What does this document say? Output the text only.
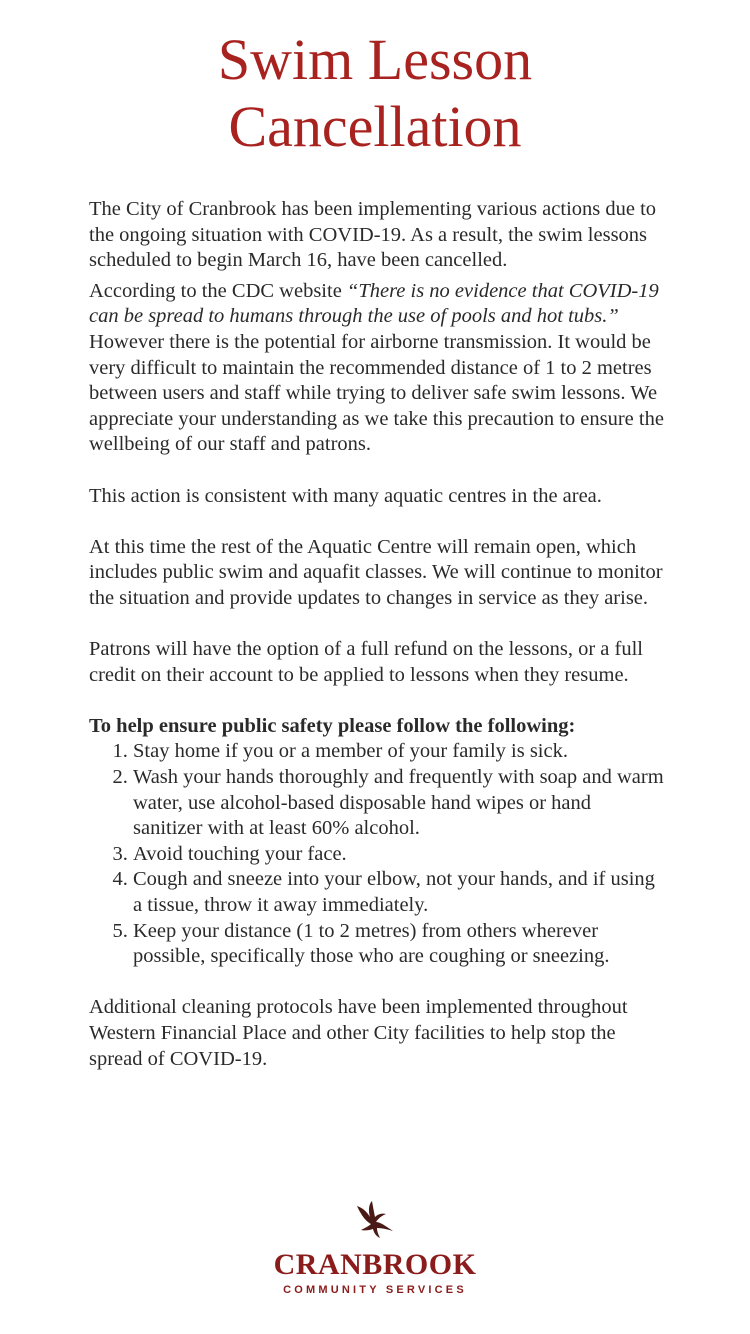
Swim Lesson
Cancellation

The City of Cranbrook has been implementing various actions due to the ongoing situation with COVID-19. As a result, the swim lessons scheduled to begin March 16, have been cancelled.

According to the CDC website “There is no evidence that COVID-19 can be spread to humans through the use of pools and hot tubs.” However there is the potential for airborne transmission. It would be very difficult to maintain the recommended distance of 1 to 2 metres between users and staff while trying to deliver safe swim lessons. We appreciate your understanding as we take this precaution to ensure the wellbeing of our staff and patrons.

This action is consistent with many aquatic centres in the area.

At this time the rest of the Aquatic Centre will remain open, which includes public swim and aquafit classes. We will continue to monitor the situation and provide updates to changes in service as they arise.

Patrons will have the option of a full refund on the lessons, or a full credit on their account to be applied to lessons when they resume.

To help ensure public safety please follow the following:

1. Stay home if you or a member of your family is sick.
2. Wash your hands thoroughly and frequently with soap and warm water, use alcohol-based disposable hand wipes or hand sanitizer with at least 60% alcohol.
3. Avoid touching your face.
4. Cough and sneeze into your elbow, not your hands, and if using a tissue, throw it away immediately.
5. Keep your distance (1 to 2 metres) from others wherever possible, specifically those who are coughing or sneezing.

Additional cleaning protocols have been implemented throughout Western Financial Place and other City facilities to help stop the spread of COVID-19.

CRANBROOK
COMMUNITY SERVICES
